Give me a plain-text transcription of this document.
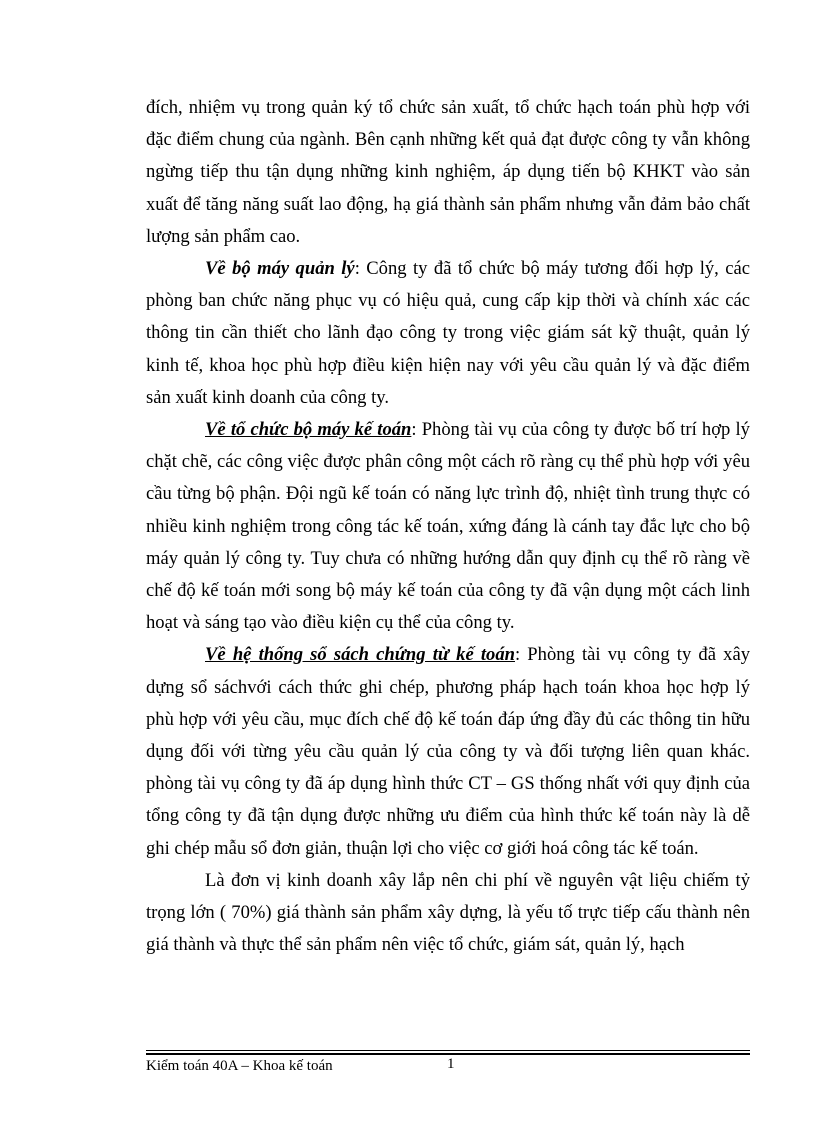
đích, nhiệm vụ trong quản ký tổ chức sản xuất, tổ chức hạch toán phù hợp với đặc điểm chung của ngành. Bên cạnh những kết quả đạt được công ty vẫn không ngừng tiếp thu tận dụng những kinh nghiệm, áp dụng tiến bộ KHKT vào sản xuất để tăng năng suất lao động, hạ giá thành sản phẩm nhưng vẫn đảm bảo chất lượng sản phẩm cao.

Về bộ máy quản lý: Công ty đã tổ chức bộ máy tương đối hợp lý, các phòng ban chức năng phục vụ có hiệu quả, cung cấp kịp thời và chính xác các thông tin cần thiết cho lãnh đạo công ty trong việc giám sát kỹ thuật, quản lý kinh tế, khoa học phù hợp điều kiện hiện nay với yêu cầu quản lý và đặc điểm sản xuất kinh doanh của công ty.

Về tổ chức bộ máy kế toán: Phòng tài vụ của công ty được bố trí hợp lý chặt chẽ, các công việc được phân công một cách rõ ràng cụ thể phù hợp với yêu cầu từng bộ phận. Đội ngũ kế toán có năng lực trình độ, nhiệt tình trung thực có nhiều kinh nghiệm trong công tác kế toán, xứng đáng là cánh tay đắc lực cho bộ máy quản lý công ty. Tuy chưa có những hướng dẫn quy định cụ thể rõ ràng về chế độ kế toán mới song bộ máy kế toán của công ty đã vận dụng một cách linh hoạt và sáng tạo vào điều kiện cụ thể của công ty.

Về hệ thống sổ sách chứng từ kế toán: Phòng tài vụ công ty đã xây dựng sổ sáchvới cách thức ghi chép, phương pháp hạch toán khoa học hợp lý phù hợp với yêu cầu, mục đích chế độ kế toán đáp ứng đầy đủ các thông tin hữu dụng đối với từng yêu cầu quản lý của công ty và đối tượng liên quan khác. phòng tài vụ công ty đã áp dụng hình thức CT – GS thống nhất với quy định của tổng công ty đã tận dụng được những ưu điểm của hình thức kế toán này là dễ ghi chép mẫu sổ đơn giản, thuận lợi cho việc cơ giới hoá công tác kế toán.

Là đơn vị kinh doanh xây lắp nên chi phí về nguyên vật liệu chiếm tỷ trọng lớn ( 70%) giá thành sản phẩm xây dựng, là yếu tố trực tiếp cấu thành nên giá thành và thực thể sản phẩm nên việc tổ chức, giám sát, quản lý, hạch

Kiểm toán 40A – Khoa kế toán	1
